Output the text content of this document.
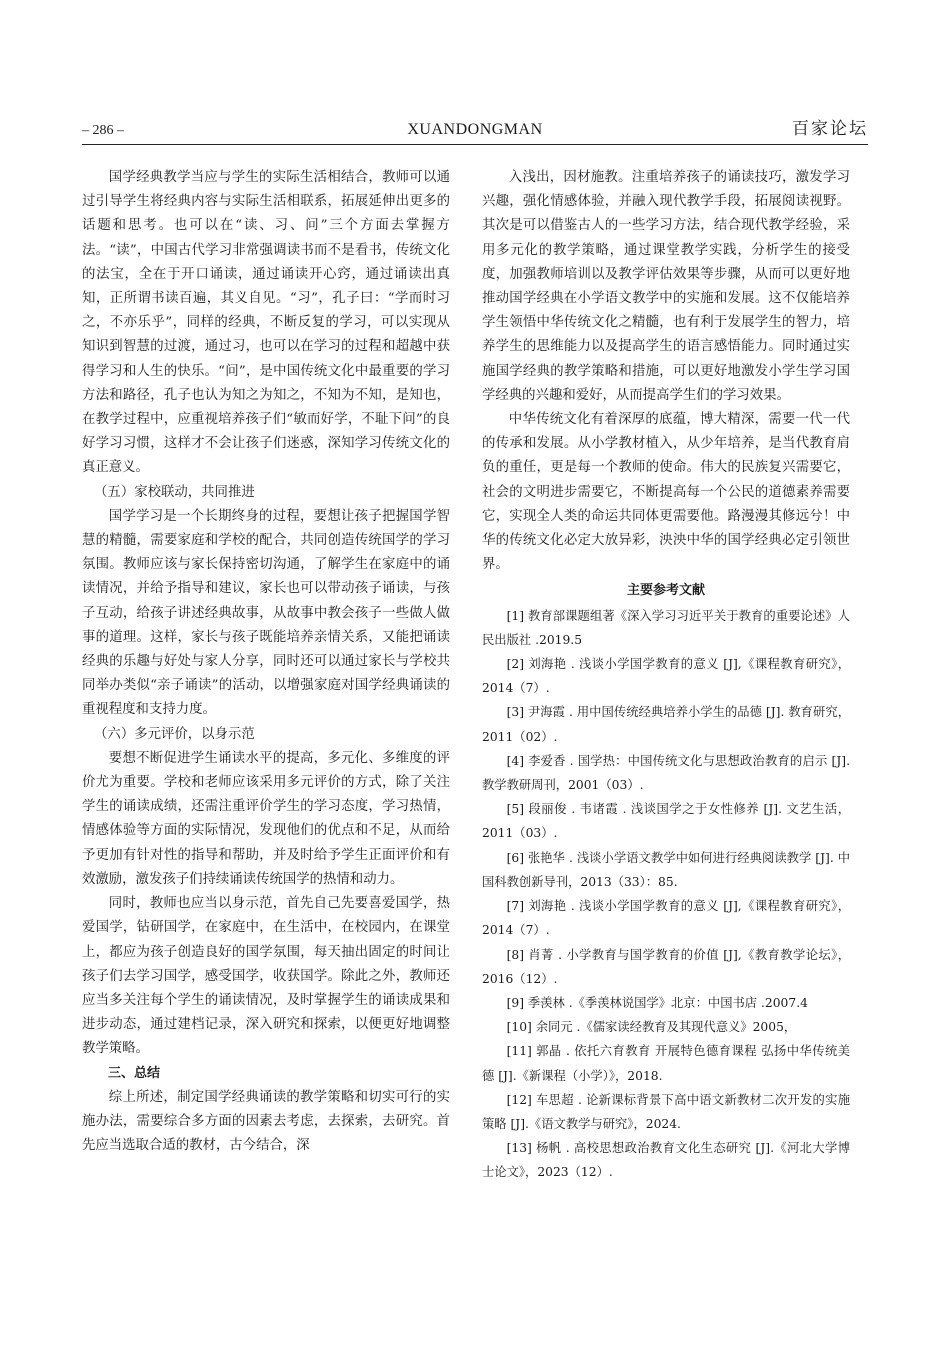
– 286 –	XUANDONGMAN	百家论坛

国学经典教学当应与学生的实际生活相结合，教师可以通过引导学生将经典内容与实际生活相联系，拓展延伸出更多的话题和思考。也可以在“读、习、问”三个方面去掌握方法。“读”，中国古代学习非常强调读书而不是看书，传统文化的法宝，全在于开口诵读，通过诵读开心窍，通过诵读出真知，正所谓书读百遍，其义自见。“习”，孔子曰：“学而时习之，不亦乐乎”，同样的经典，不断反复的学习，可以实现从知识到智慧的过渡，通过习，也可以在学习的过程和超越中获得学习和人生的快乐。“问”，是中国传统文化中最重要的学习方法和路径，孔子也认为知之为知之，不知为不知，是知也，在教学过程中，应重视培养孩子们“敏而好学，不耻下问”的良好学习习惯，这样才不会让孩子们迷惑，深知学习传统文化的真正意义。

（五）家校联动，共同推进

国学学习是一个长期终身的过程，要想让孩子把握国学智慧的精髓，需要家庭和学校的配合，共同创造传统国学的学习氛围。教师应该与家长保持密切沟通，了解学生在家庭中的诵读情况，并给予指导和建议，家长也可以带动孩子诵读，与孩子互动，给孩子讲述经典故事，从故事中教会孩子一些做人做事的道理。这样，家长与孩子既能培养亲情关系，又能把诵读经典的乐趣与好处与家人分享，同时还可以通过家长与学校共同举办类似“亲子诵读”的活动，以增强家庭对国学经典诵读的重视程度和支持力度。

（六）多元评价，以身示范

要想不断促进学生诵读水平的提高，多元化、多维度的评价尤为重要。学校和老师应该采用多元评价的方式，除了关注学生的诵读成绩，还需注重评价学生的学习态度，学习热情，情感体验等方面的实际情况，发现他们的优点和不足，从而给予更加有针对性的指导和帮助，并及时给予学生正面评价和有效激励，激发孩子们持续诵读传统国学的热情和动力。

同时，教师也应当以身示范，首先自己先要喜爱国学，热爱国学，钻研国学，在家庭中，在生活中，在校园内，在课堂上，都应为孩子创造良好的国学氛围，每天抽出固定的时间让孩子们去学习国学，感受国学，收获国学。除此之外，教师还应当多关注每个学生的诵读情况，及时掌握学生的诵读成果和进步动态，通过建档记录，深入研究和探索，以便更好地调整教学策略。

三、总结

综上所述，制定国学经典诵读的教学策略和切实可行的实施办法，需要综合多方面的因素去考虑，去探索，去研究。首先应当选取合适的教材，古今结合，深

入浅出，因材施教。注重培养孩子的诵读技巧，激发学习兴趣，强化情感体验，并融入现代教学手段，拓展阅读视野。其次是可以借鉴古人的一些学习方法，结合现代教学经验，采用多元化的教学策略，通过课堂教学实践，分析学生的接受度，加强教师培训以及教学评估效果等步骤，从而可以更好地推动国学经典在小学语文教学中的实施和发展。这不仅能培养学生领悟中华传统文化之精髓，也有利于发展学生的智力，培养学生的思维能力以及提高学生的语言感悟能力。同时通过实施国学经典的教学策略和措施，可以更好地激发小学生学习国学经典的兴趣和爱好，从而提高学生们的学习效果。

中华传统文化有着深厚的底蕴，博大精深，需要一代一代的传承和发展。从小学教材植入，从少年培养，是当代教育肩负的重任，更是每一个教师的使命。伟大的民族复兴需要它，社会的文明进步需要它，不断提高每一个公民的道德素养需要它，实现全人类的命运共同体更需要他。路漫漫其修远兮！中华的传统文化必定大放异彩，泱泱中华的国学经典必定引领世界。

主要参考文献

[1] 教育部课题组著《深入学习习近平关于教育的重要论述》人民出版社 .2019.5

[2] 刘海艳 . 浅谈小学国学教育的意义 [J],《课程教育研究》，2014（7）.

[3] 尹海霞 . 用中国传统经典培养小学生的品德 [J]. 教育研究，2011（02）.

[4] 李爱香 . 国学热：中国传统文化与思想政治教育的启示 [J]. 教学教研周刊，2001（03）.

[5] 段丽俊 . 韦诸霞 . 浅谈国学之于女性修养 [J]. 文艺生活，2011（03）.

[6] 张艳华 . 浅谈小学语文教学中如何进行经典阅读教学 [J]. 中国科教创新导刊，2013（33）：85.

[7] 刘海艳 . 浅谈小学国学教育的意义 [J],《课程教育研究》，2014（7）.

[8] 肖菁 . 小学教育与国学教育的价值 [J],《教育教学论坛》，2016（12）.

[9] 季羡林 .《季羡林说国学》北京：中国书店 .2007.4

[10] 余同元 .《儒家读经教育及其现代意义》2005，

[11] 郭晶 . 依托六育教育 开展特色德育课程 弘扬中华传统美德 [J].《新课程（小学）》，2018.

[12] 车思超 . 论新课标背景下高中语文新教材二次开发的实施策略 [J].《语文教学与研究》，2024.

[13] 杨帆 . 高校思想政治教育文化生态研究 [J].《河北大学博士论文》，2023（12）.
